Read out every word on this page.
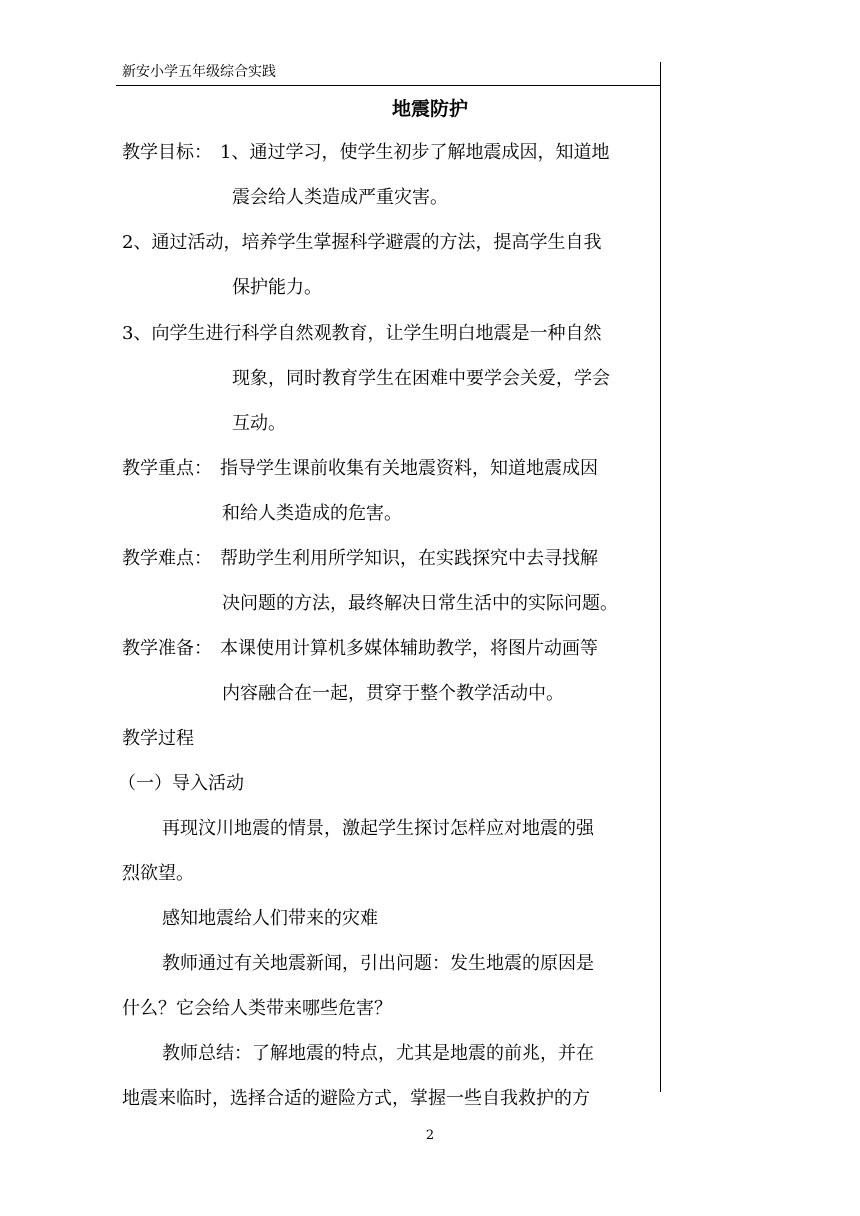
新安小学五年级综合实践
地震防护
教学目标： 1、通过学习，使学生初步了解地震成因，知道地
震会给人类造成严重灾害。
2、通过活动，培养学生掌握科学避震的方法，提高学生自我
保护能力。
3、向学生进行科学自然观教育，让学生明白地震是一种自然
现象，同时教育学生在困难中要学会关爱，学会
互动。
教学重点： 指导学生课前收集有关地震资料，知道地震成因
和给人类造成的危害。
教学难点： 帮助学生利用所学知识，在实践探究中去寻找解
决问题的方法，最终解决日常生活中的实际问题。
教学准备： 本课使用计算机多媒体辅助教学，将图片动画等
内容融合在一起，贯穿于整个教学活动中。
教学过程
（一）导入活动
再现汶川地震的情景，激起学生探讨怎样应对地震的强
烈欲望。
感知地震给人们带来的灾难
教师通过有关地震新闻，引出问题：发生地震的原因是
什么？它会给人类带来哪些危害？
教师总结：了解地震的特点，尤其是地震的前兆，并在
地震来临时，选择合适的避险方式，掌握一些自我救护的方
2
